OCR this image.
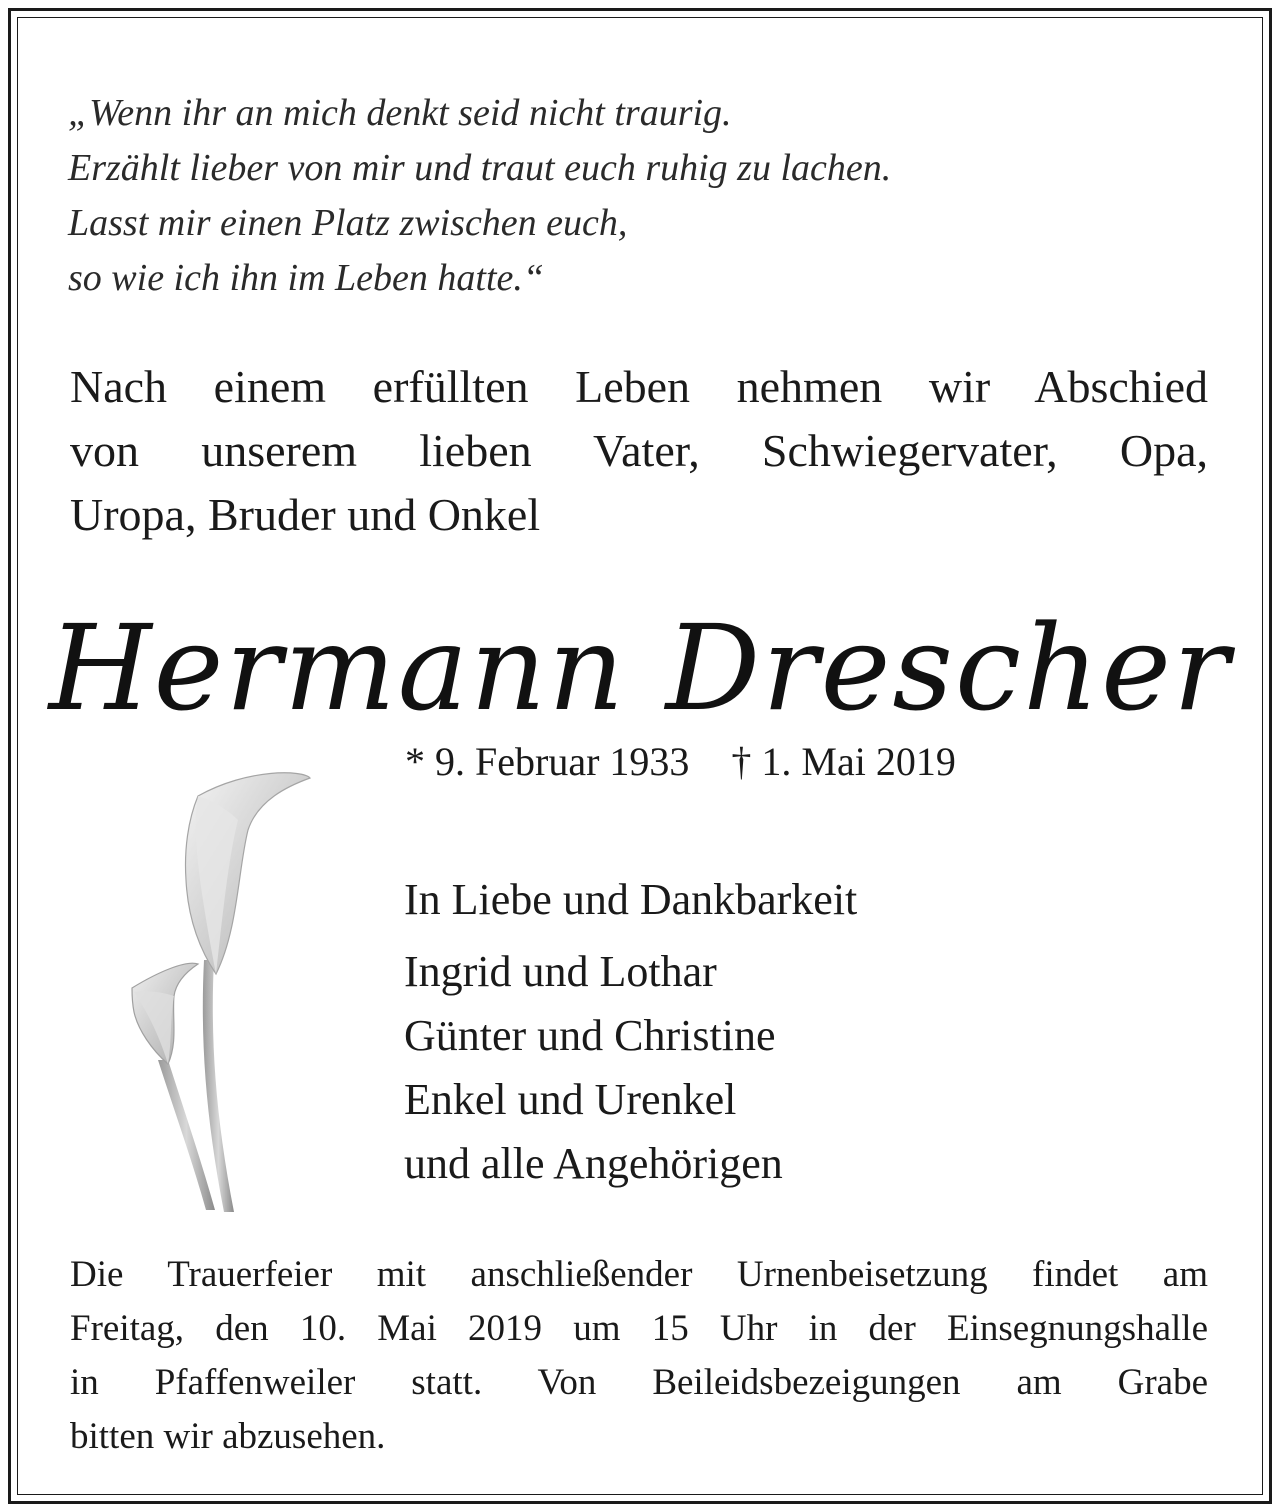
„Wenn ihr an mich denkt seid nicht traurig.
Erzählt lieber von mir und traut euch ruhig zu lachen.
Lasst mir einen Platz zwischen euch,
so wie ich ihn im Leben hatte.“
Nach einem erfüllten Leben nehmen wir Abschied
von unserem lieben Vater, Schwiegervater, Opa,
Uropa, Bruder und Onkel
Hermann Drescher
* 9. Februar 1933 † 1. Mai 2019
In Liebe und Dankbarkeit
Ingrid und Lothar
Günter und Christine
Enkel und Urenkel
und alle Angehörigen
Die Trauerfeier mit anschließender Urnenbeisetzung findet am
Freitag, den 10. Mai 2019 um 15 Uhr in der Einsegnungshalle
in Pfaffenweiler statt. Von Beileidsbezeigungen am Grabe
bitten wir abzusehen.
